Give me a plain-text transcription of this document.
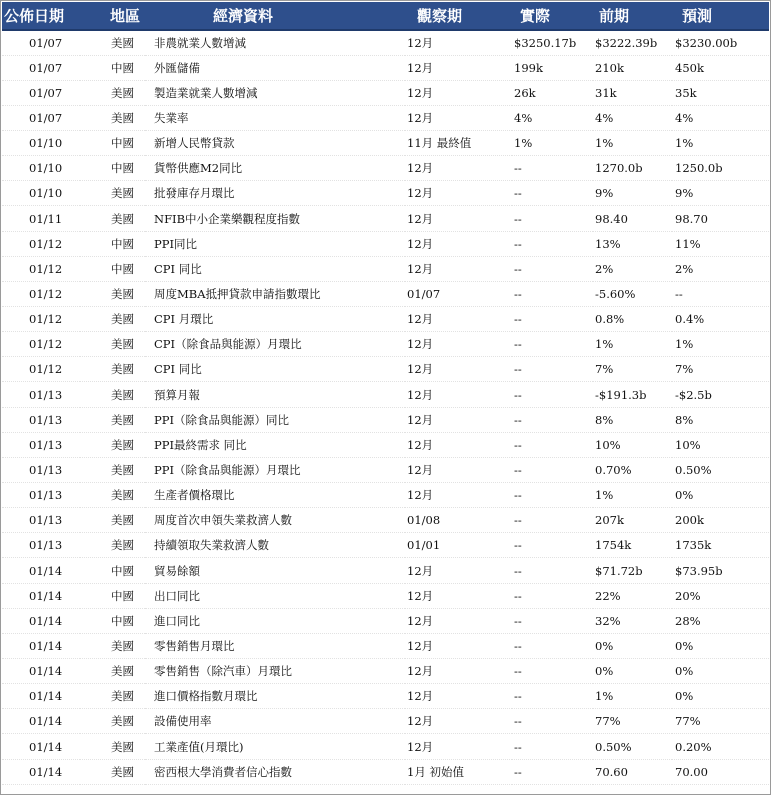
公佈日期	地區	經濟資料	觀察期	實際	前期	預測
01/07	美國	非農就業人數增減	12月	$3250.17b	$3222.39b	$3230.00b
01/07	中國	外匯儲備	12月	199k	210k	450k
01/07	美國	製造業就業人數增減	12月	26k	31k	35k
01/07	美國	失業率	12月	4%	4%	4%
01/10	中國	新增人民幣貸款	11月 最終值	1%	1%	1%
01/10	中國	貨幣供應M2同比	12月	--	1270.0b	1250.0b
01/10	美國	批發庫存月環比	12月	--	9%	9%
01/11	美國	NFIB中小企業樂觀程度指數	12月	--	98.40	98.70
01/12	中國	PPI同比	12月	--	13%	11%
01/12	中國	CPI 同比	12月	--	2%	2%
01/12	美國	周度MBA抵押貸款申請指數環比	01/07	--	-5.60%	--
01/12	美國	CPI 月環比	12月	--	0.8%	0.4%
01/12	美國	CPI（除食品與能源）月環比	12月	--	1%	1%
01/12	美國	CPI 同比	12月	--	7%	7%
01/13	美國	預算月報	12月	--	-$191.3b	-$2.5b
01/13	美國	PPI（除食品與能源）同比	12月	--	8%	8%
01/13	美國	PPI最終需求 同比	12月	--	10%	10%
01/13	美國	PPI（除食品與能源）月環比	12月	--	0.70%	0.50%
01/13	美國	生產者價格環比	12月	--	1%	0%
01/13	美國	周度首次申領失業救濟人數	01/08	--	207k	200k
01/13	美國	持續領取失業救濟人數	01/01	--	1754k	1735k
01/14	中國	貿易餘額	12月	--	$71.72b	$73.95b
01/14	中國	出口同比	12月	--	22%	20%
01/14	中國	進口同比	12月	--	32%	28%
01/14	美國	零售銷售月環比	12月	--	0%	0%
01/14	美國	零售銷售（除汽車）月環比	12月	--	0%	0%
01/14	美國	進口價格指數月環比	12月	--	1%	0%
01/14	美國	設備使用率	12月	--	77%	77%
01/14	美國	工業產值(月環比)	12月	--	0.50%	0.20%
01/14	美國	密西根大學消費者信心指數	1月 初始值	--	70.60	70.00
